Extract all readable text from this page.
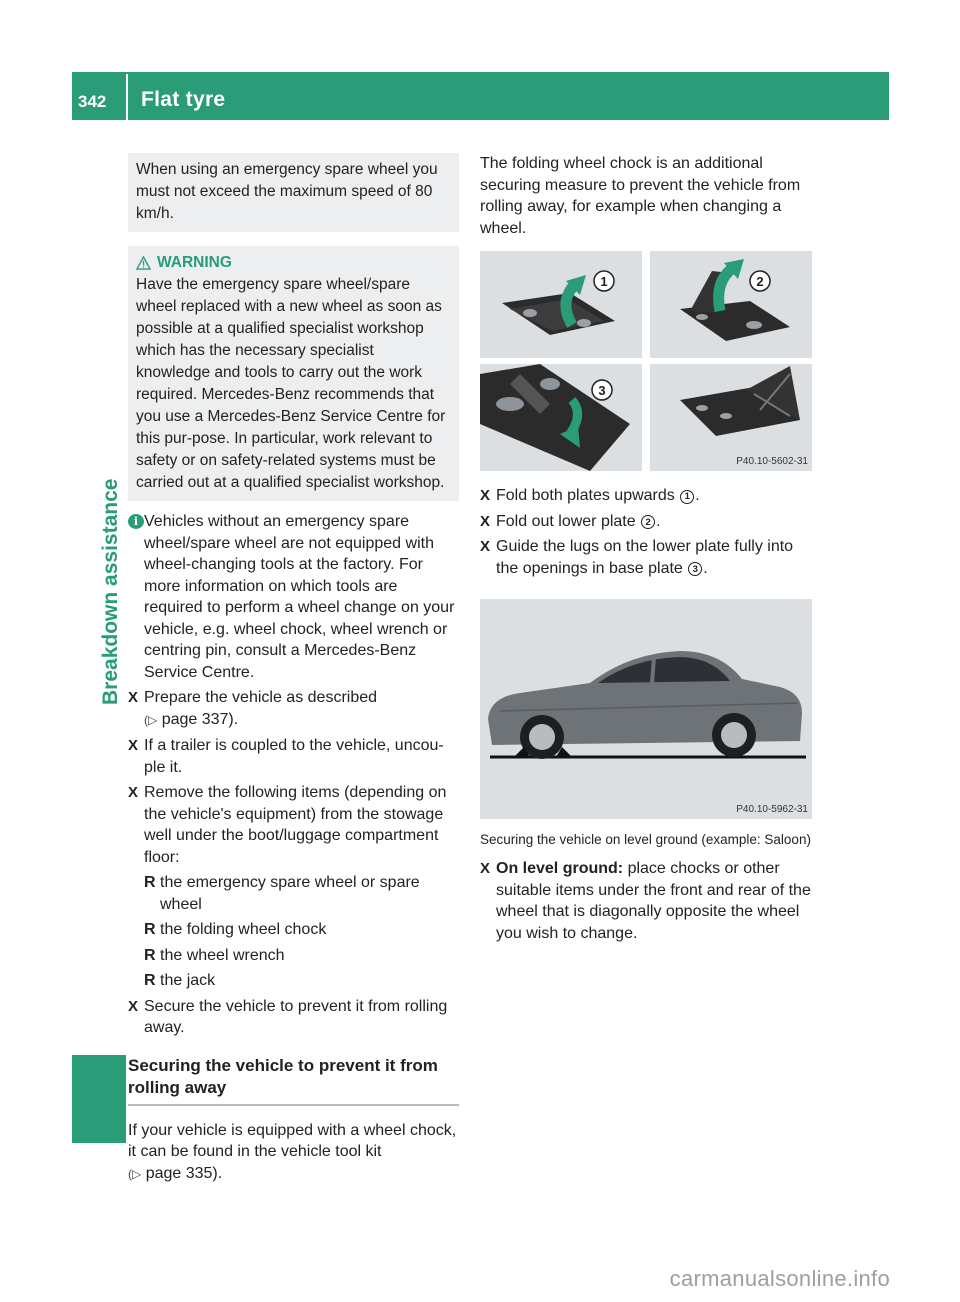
342 Flat tyre
Breakdown assistance
When using an emergency spare wheel you must not exceed the maximum speed of 80 km/h.
WARNING
Have the emergency spare wheel/spare wheel replaced with a new wheel as soon as possible at a qualified specialist workshop which has the necessary specialist knowledge and tools to carry out the work required. Mercedes-Benz recommends that you use a Mercedes-Benz Service Centre for this pur-pose. In particular, work relevant to safety or on safety-related systems must be carried out at a qualified specialist workshop.
i Vehicles without an emergency spare wheel/spare wheel are not equipped with wheel-changing tools at the factory. For more information on which tools are required to perform a wheel change on your vehicle, e.g. wheel chock, wheel wrench or centring pin, consult a Mercedes-Benz Service Centre.
X Prepare the vehicle as described
(▷ page 337).
X If a trailer is coupled to the vehicle, uncou-ple it.
X Remove the following items (depending on the vehicle's equipment) from the stowage well under the boot/luggage compartment floor:
R the emergency spare wheel or spare wheel
R the folding wheel chock
R the wheel wrench
R the jack
X Secure the vehicle to prevent it from rolling away.
Securing the vehicle to prevent it from rolling away
If your vehicle is equipped with a wheel chock, it can be found in the vehicle tool kit
(▷ page 335).
The folding wheel chock is an additional securing measure to prevent the vehicle from rolling away, for example when changing a wheel.
1	2
3
P40.10-5602-31
X Fold both plates upwards 1 .
X Fold out lower plate 2 .
X Guide the lugs on the lower plate fully into the openings in base plate 3 .
P40.10-5962-31
Securing the vehicle on level ground (example: Saloon)
X On level ground: place chocks or other suitable items under the front and rear of the wheel that is diagonally opposite the wheel you wish to change.
carmanualsonline.info
